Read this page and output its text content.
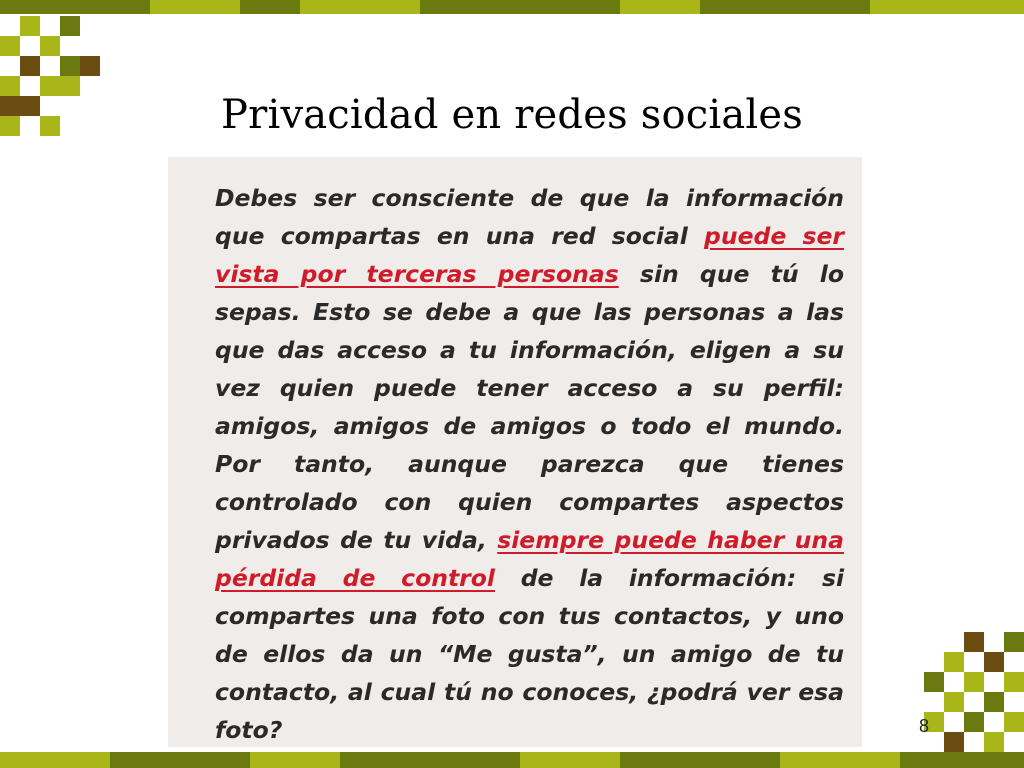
Privacidad en redes sociales

Debes ser consciente de que la información que compartas en una red social puede ser vista por terceras personas sin que tú lo sepas. Esto se debe a que las personas a las que das acceso a tu información, eligen a su vez quien puede tener acceso a su perfil: amigos, amigos de amigos o todo el mundo. Por tanto, aunque parezca que tienes controlado con quien compartes aspectos privados de tu vida, siempre puede haber una pérdida de control de la información: si compartes una foto con tus contactos, y uno de ellos da un “Me gusta”, un amigo de tu contacto, al cual tú no conoces, ¿podrá ver esa foto?	8
